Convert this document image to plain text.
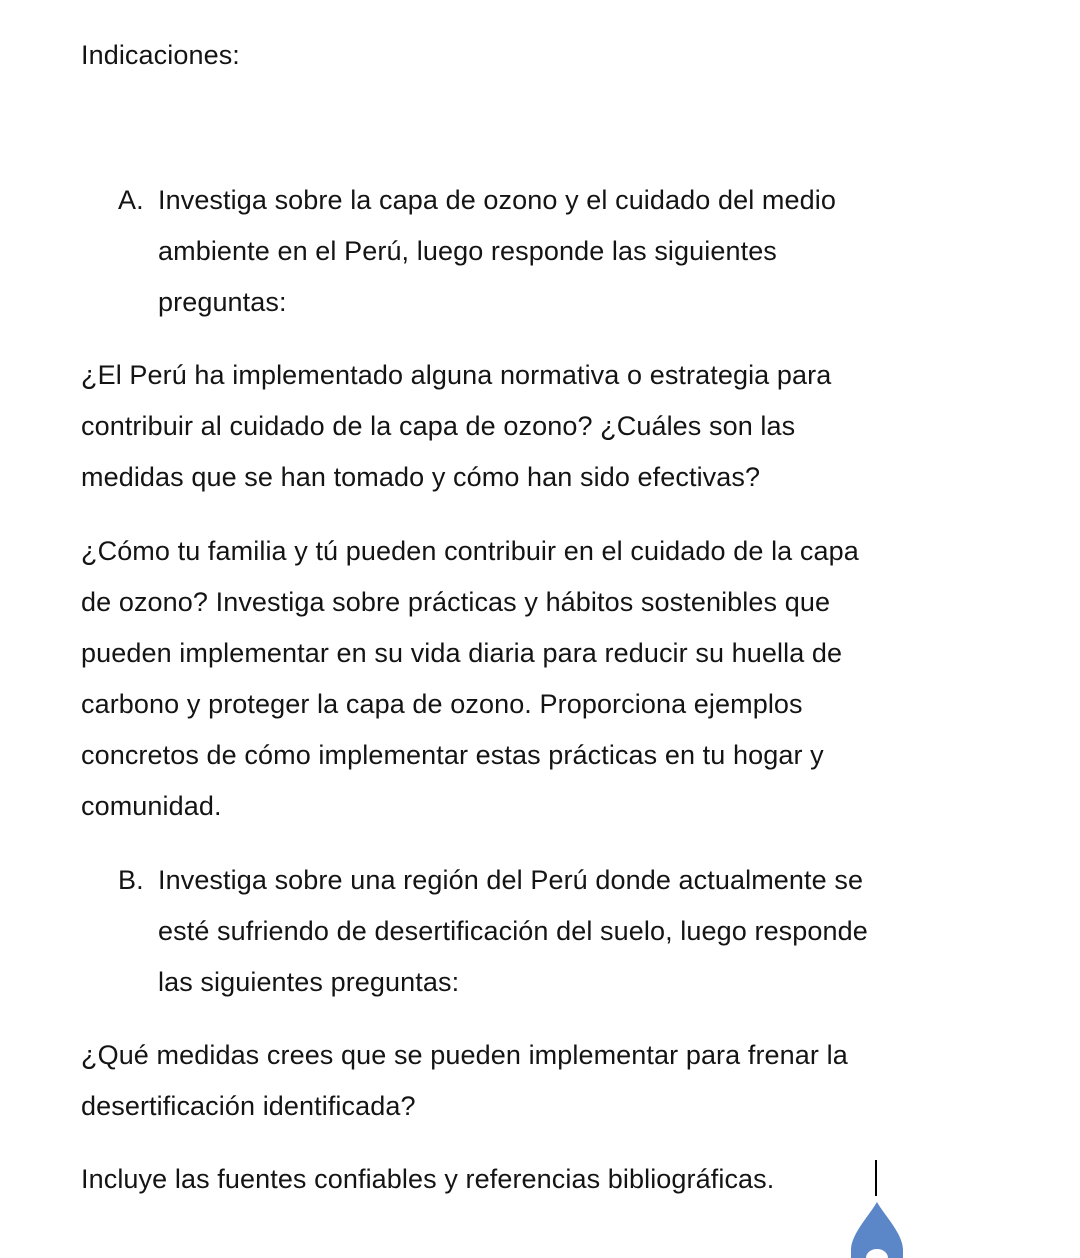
Indicaciones:
A. Investiga sobre la capa de ozono y el cuidado del medio
ambiente en el Perú, luego responde las siguientes
preguntas:
¿El Perú ha implementado alguna normativa o estrategia para
contribuir al cuidado de la capa de ozono? ¿Cuáles son las
medidas que se han tomado y cómo han sido efectivas?
¿Cómo tu familia y tú pueden contribuir en el cuidado de la capa
de ozono? Investiga sobre prácticas y hábitos sostenibles que
pueden implementar en su vida diaria para reducir su huella de
carbono y proteger la capa de ozono. Proporciona ejemplos
concretos de cómo implementar estas prácticas en tu hogar y
comunidad.
B. Investiga sobre una región del Perú donde actualmente se
esté sufriendo de desertificación del suelo, luego responde
las siguientes preguntas:
¿Qué medidas crees que se pueden implementar para frenar la
desertificación identificada?
Incluye las fuentes confiables y referencias bibliográficas.
